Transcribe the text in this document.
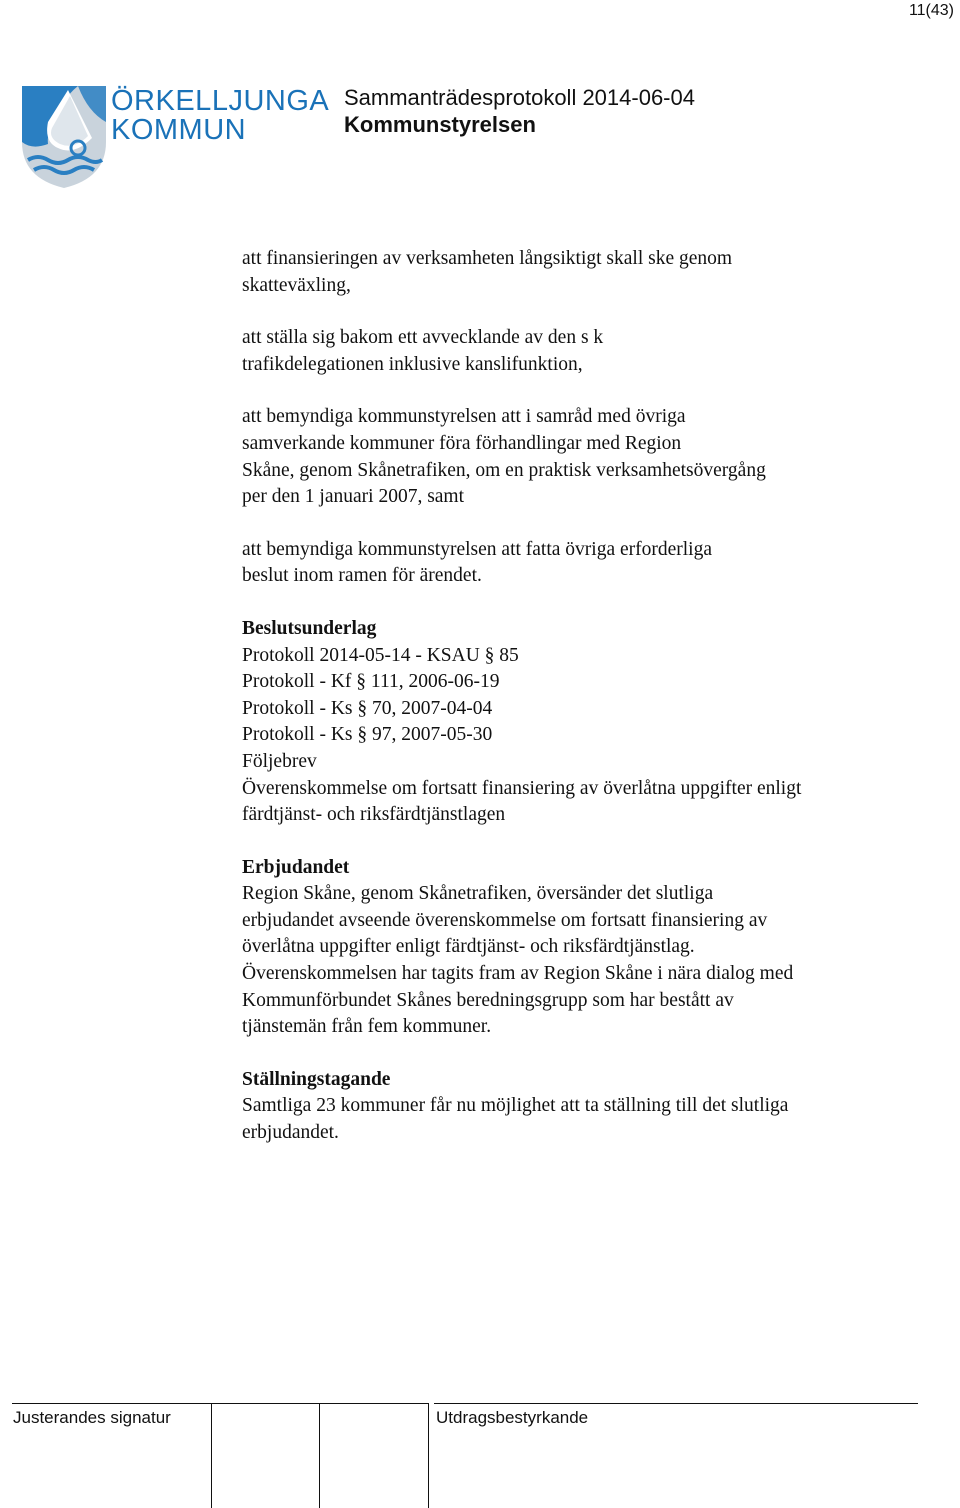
11(43)
ÖRKELLJUNGA
KOMMUN
Sammanträdesprotokoll 2014-06-04
Kommunstyrelsen

att finansieringen av verksamheten långsiktigt skall ske genom
skatteväxling,

att ställa sig bakom ett avvecklande av den s k
trafikdelegationen inklusive kanslifunktion,

att bemyndiga kommunstyrelsen att i samråd med övriga
samverkande kommuner föra förhandlingar med Region
Skåne, genom Skånetrafiken, om en praktisk verksamhetsövergång
per den 1 januari 2007, samt

att bemyndiga kommunstyrelsen att fatta övriga erforderliga
beslut inom ramen för ärendet.

Beslutsunderlag

Protokoll 2014-05-14 - KSAU § 85

Protokoll - Kf § 111, 2006-06-19

Protokoll - Ks § 70, 2007-04-04

Protokoll - Ks § 97, 2007-05-30

Följebrev

Överenskommelse om fortsatt finansiering av överlåtna uppgifter enligt

färdtjänst- och riksfärdtjänstlagen

Erbjudandet

Region Skåne, genom Skånetrafiken, översänder det slutliga

erbjudandet avseende överenskommelse om fortsatt finansiering av

överlåtna uppgifter enligt färdtjänst- och riksfärdtjänstlag.

Överenskommelsen har tagits fram av Region Skåne i nära dialog med

Kommunförbundet Skånes beredningsgrupp som har bestått av

tjänstemän från fem kommuner.

Ställningstagande

Samtliga 23 kommuner får nu möjlighet att ta ställning till det slutliga

erbjudandet.

Justerandes signatur	Utdragsbestyrkande
